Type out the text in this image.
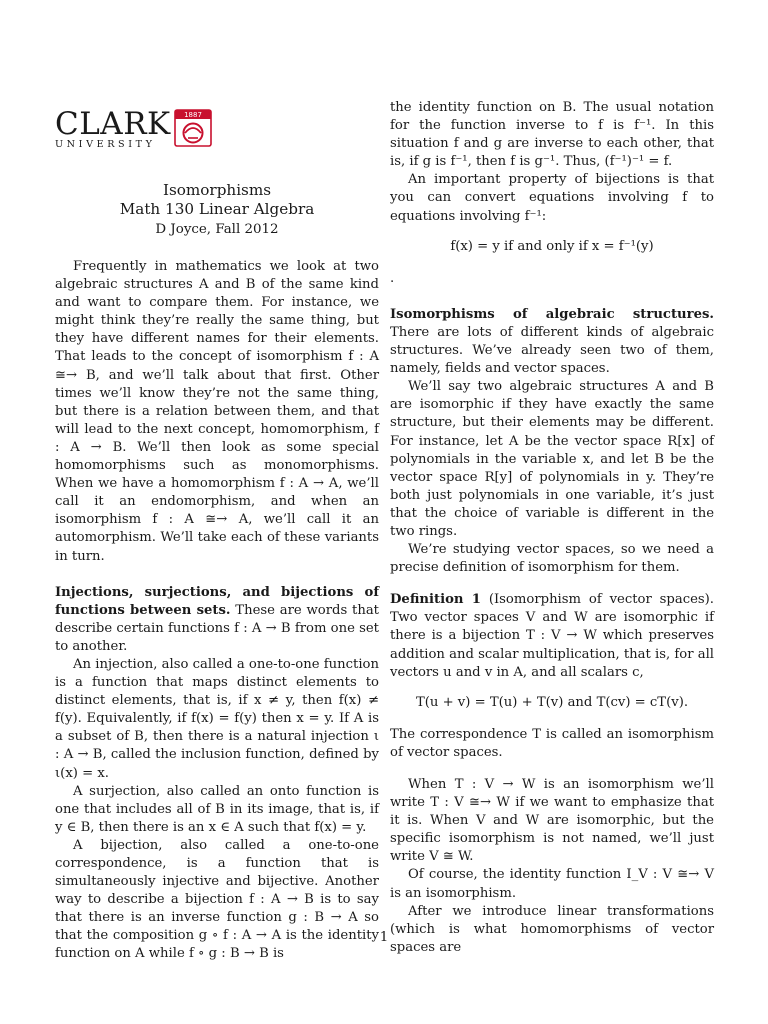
CLARK
UNIVERSITY
1887
Isomorphisms
Math 130 Linear Algebra
D Joyce, Fall 2012

Frequently in mathematics we look at two algebraic structures A and B of the same kind and want to compare them. For instance, we might think they’re really the same thing, but they have different names for their elements. That leads to the concept of isomorphism f : A ≅→ B, and we’ll talk about that first. Other times we’ll know they’re not the same thing, but there is a relation between them, and that will lead to the next concept, homomorphism, f : A → B. We’ll then look as some special homomorphisms such as monomorphisms. When we have a homomorphism f : A → A, we’ll call it an endomorphism, and when an isomorphism f : A ≅→ A, we’ll call it an automorphism. We’ll take each of these variants in turn.

Injections, surjections, and bijections of functions between sets. These are words that describe certain functions f : A → B from one set to another.

An injection, also called a one-to-one function is a function that maps distinct elements to distinct elements, that is, if x ≠ y, then f(x) ≠ f(y). Equivalently, if f(x) = f(y) then x = y. If A is a subset of B, then there is a natural injection ι : A → B, called the inclusion function, defined by ι(x) = x.

A surjection, also called an onto function is one that includes all of B in its image, that is, if y ∈ B, then there is an x ∈ A such that f(x) = y.

A bijection, also called a one-to-one correspondence, is a function that is simultaneously injective and bijective. Another way to describe a bijection f : A → B is to say that there is an inverse function g : B → A so that the composition g ∘ f : A → A is the identity function on A while f ∘ g : B → B is

the identity function on B. The usual notation for the function inverse to f is f⁻¹. In this situation f and g are inverse to each other, that is, if g is f⁻¹, then f is g⁻¹. Thus, (f⁻¹)⁻¹ = f.

An important property of bijections is that you can convert equations involving f to equations involving f⁻¹:

f(x) = y if and only if x = f⁻¹(y)

.

Isomorphisms of algebraic structures. There are lots of different kinds of algebraic structures. We’ve already seen two of them, namely, fields and vector spaces.

We’ll say two algebraic structures A and B are isomorphic if they have exactly the same structure, but their elements may be different. For instance, let A be the vector space R[x] of polynomials in the variable x, and let B be the vector space R[y] of polynomials in y. They’re both just polynomials in one variable, it’s just that the choice of variable is different in the two rings.

We’re studying vector spaces, so we need a precise definition of isomorphism for them.

Definition 1 (Isomorphism of vector spaces). Two vector spaces V and W are isomorphic if there is a bijection T : V → W which preserves addition and scalar multiplication, that is, for all vectors u and v in A, and all scalars c,

T(u + v) = T(u) + T(v) and T(cv) = cT(v).

The correspondence T is called an isomorphism of vector spaces.

When T : V → W is an isomorphism we’ll write T : V ≅→ W if we want to emphasize that it is. When V and W are isomorphic, but the specific isomorphism is not named, we’ll just write V ≅ W.

Of course, the identity function I_V : V ≅→ V is an isomorphism.

After we introduce linear transformations (which is what homomorphisms of vector spaces are

1
